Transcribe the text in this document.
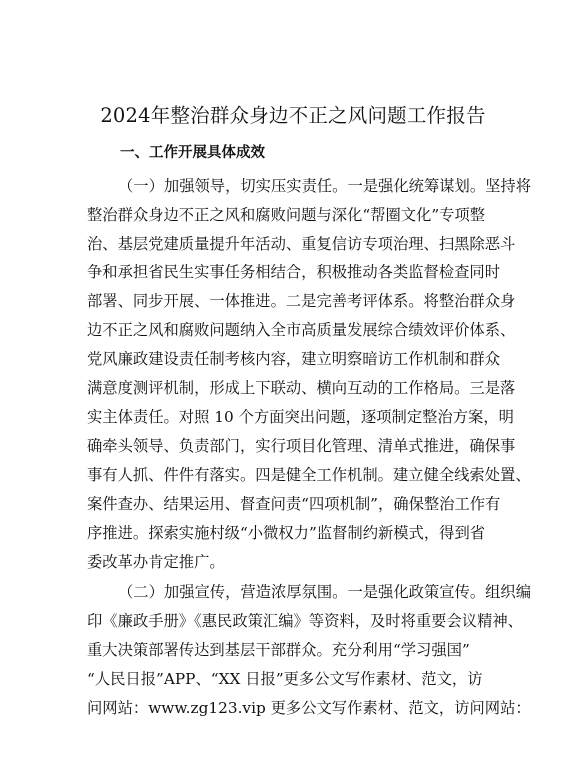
2024年整治群众身边不正之风问题工作报告
一、工作开展具体成效
（一）加强领导，切实压实责任。一是强化统筹谋划。坚持将
整治群众身边不正之风和腐败问题与深化“帮圈文化”专项整
治、基层党建质量提升年活动、重复信访专项治理、扫黑除恶斗
争和承担省民生实事任务相结合，积极推动各类监督检查同时
部署、同步开展、一体推进。二是完善考评体系。将整治群众身
边不正之风和腐败问题纳入全市高质量发展综合绩效评价体系、
党风廉政建设责任制考核内容，建立明察暗访工作机制和群众
满意度测评机制，形成上下联动、横向互动的工作格局。三是落
实主体责任。对照 10 个方面突出问题，逐项制定整治方案，明
确牵头领导、负责部门，实行项目化管理、清单式推进，确保事
事有人抓、件件有落实。四是健全工作机制。建立健全线索处置、
案件查办、结果运用、督查问责“四项机制”，确保整治工作有
序推进。探索实施村级“小微权力”监督制约新模式，得到省
委改革办肯定推广。
（二）加强宣传，营造浓厚氛围。一是强化政策宣传。组织编
印《廉政手册》《惠民政策汇编》等资料，及时将重要会议精神、
重大决策部署传达到基层干部群众。充分利用“学习强国”
“人民日报”APP、“XX 日报”更多公文写作素材、范文，访
问网站：www.zg123.vip 更多公文写作素材、范文，访问网站：
